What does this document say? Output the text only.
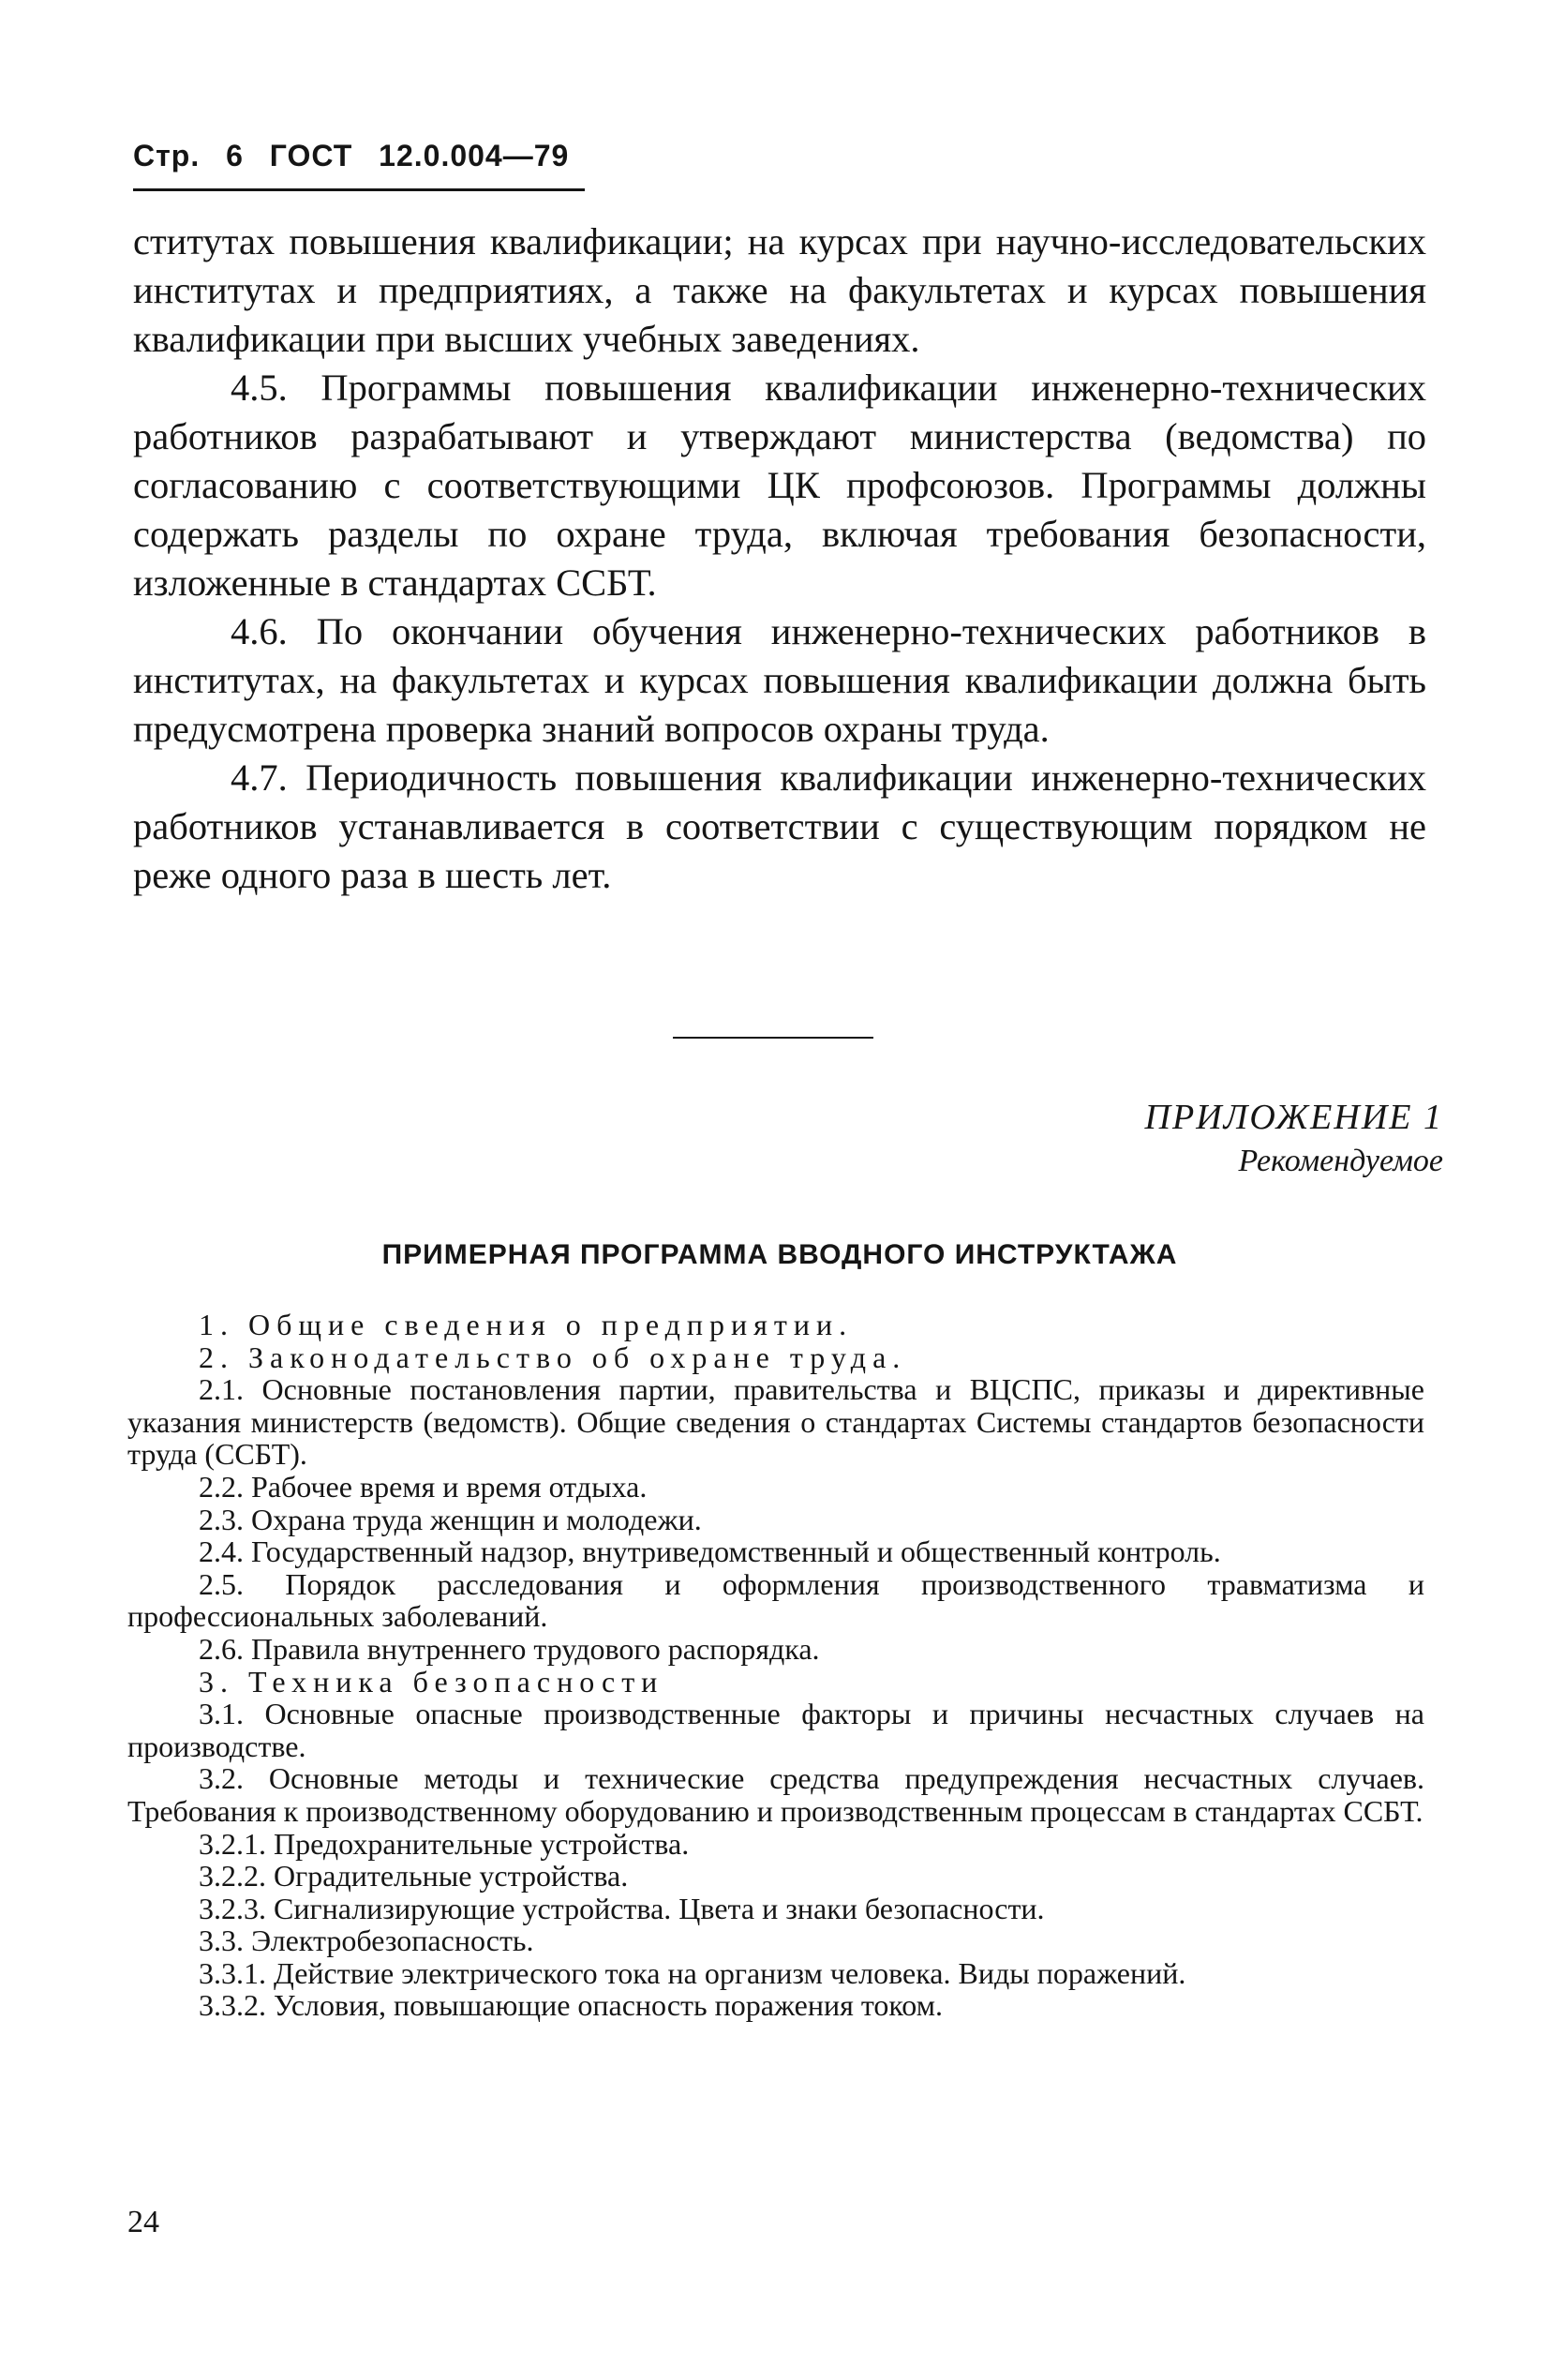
Стр. 6 ГОСТ 12.0.004—79

ститутах повышения квалификации; на курсах при научно-исследовательских институтах и предприятиях, а также на факультетах и курсах повышения квалификации при высших учебных заведениях.

4.5. Программы повышения квалификации инженерно-технических работников разрабатывают и утверждают министерства (ведомства) по согласованию с соответствующими ЦК профсоюзов. Программы должны содержать разделы по охране труда, включая требования безопасности, изложенные в стандартах ССБТ.

4.6. По окончании обучения инженерно-технических работников в институтах, на факультетах и курсах повышения квалификации должна быть предусмотрена проверка знаний вопросов охраны труда.

4.7. Периодичность повышения квалификации инженерно-технических работников устанавливается в соответствии с существующим порядком не реже одного раза в шесть лет.

ПРИЛОЖЕНИЕ 1
Рекомендуемое
ПРИМЕРНАЯ ПРОГРАММА ВВОДНОГО ИНСТРУКТАЖА

1. Общие сведения о предприятии.

2. Законодательство об охране труда.

2.1. Основные постановления партии, правительства и ВЦСПС, приказы и директивные указания министерств (ведомств). Общие сведения о стандартах Системы стандартов безопасности труда (ССБТ).

2.2. Рабочее время и время отдыха.

2.3. Охрана труда женщин и молодежи.

2.4. Государственный надзор, внутриведомственный и общественный контроль.

2.5. Порядок расследования и оформления производственного травматизма и профессиональных заболеваний.

2.6. Правила внутреннего трудового распорядка.

3. Техника безопасности

3.1. Основные опасные производственные факторы и причины несчастных случаев на производстве.

3.2. Основные методы и технические средства предупреждения несчастных случаев. Требования к производственному оборудованию и производственным процессам в стандартах ССБТ.

3.2.1. Предохранительные устройства.

3.2.2. Оградительные устройства.

3.2.3. Сигнализирующие устройства. Цвета и знаки безопасности.

3.3. Электробезопасность.

3.3.1. Действие электрического тока на организм человека. Виды поражений.

3.3.2. Условия, повышающие опасность поражения током.

24
